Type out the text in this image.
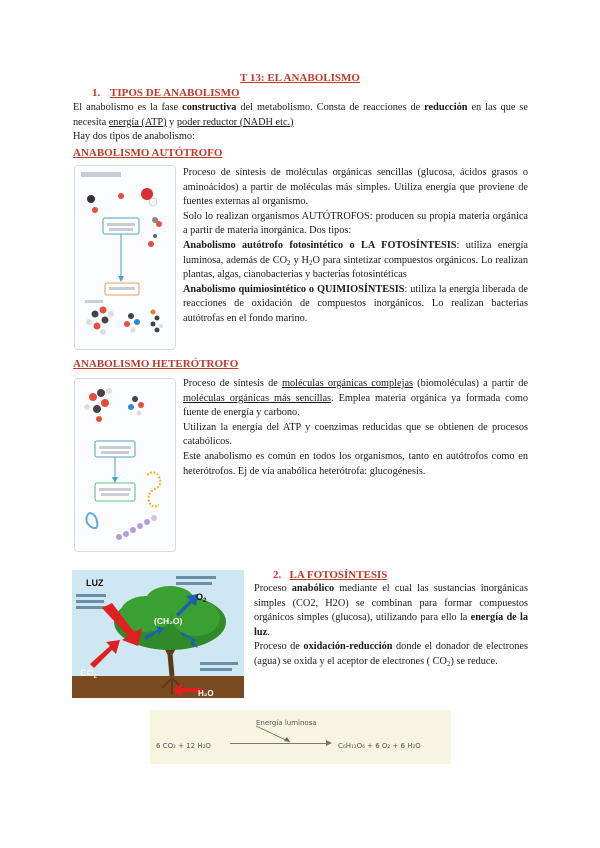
T 13: EL ANABOLISMO
1. TIPOS DE ANABOLISMO
El anabolismo es la fase constructiva del metabolismo. Consta de reacciones de reducción en las que se necesita energía (ATP) y poder reductor (NADH etc.)
Hay dos tipos de anabolismo:
ANABOLISMO AUTÓTROFO

Proceso de síntesis de moléculas orgánicas sencillas (glucosa, ácidos grasos o aminoácidos) a partir de moléculas más simples. Utiliza energía que proviene de fuentes externas al organismo.

Solo lo realizan organismos AUTÓTROFOS: producen su propia materia orgánica a partir de materia inorgánica. Dos tipos:

Anabolismo autótrofo fotosintético o LA FOTOSÍNTESIS: utiliza energía luminosa, además de $CO_2$ y $H_2O$ para sintetizar compuestos orgánicos. Lo realizan plantas, algas, cianobacterias y bacterias fotosintéticas

Anabolismo quimiosintético o QUIMIOSÍNTESIS: utiliza la energía liberada de reacciones de oxidación de compuestos inorgánicos. Lo realizan bacterias autótrofas en el fondo marino.

ANABOLISMO HETERÓTROFO

Proceso de síntesis de moléculas orgánicas complejas (biomoléculas) a partir de moléculas orgánicas más sencillas. Emplea materia orgánica ya formada como fuente de energía y carbono.

Utilizan la energía del ATP y coenzimas reducidas que se obtienen de procesos catabólicos.

Este anabolismo es común en todos los organismos, tanto en autótrofos como en heterótrofos. Ej de vía anabólica heterótrofa: glucogénesis.

LUZ
$O_2$
(CH₂O)
$CO_2$
H₂O
2. LA FOTOSÍNTESIS

Proceso anabólico mediante el cual las sustancias inorgánicas simples (CO2, H2O) se combinan para formar compuestos orgánicos simples (glucosa), utilizando para ello la energía de la luz.

Proceso de oxidación-reducción donde el donador de electrones (agua) se oxida y el aceptor de electrones ( $CO_2$) se reduce.

Energía luminosa
6 CO₂ + 12 H₂O	C₆H₁₂O₆ + 6 O₂ + 6 H₂O
